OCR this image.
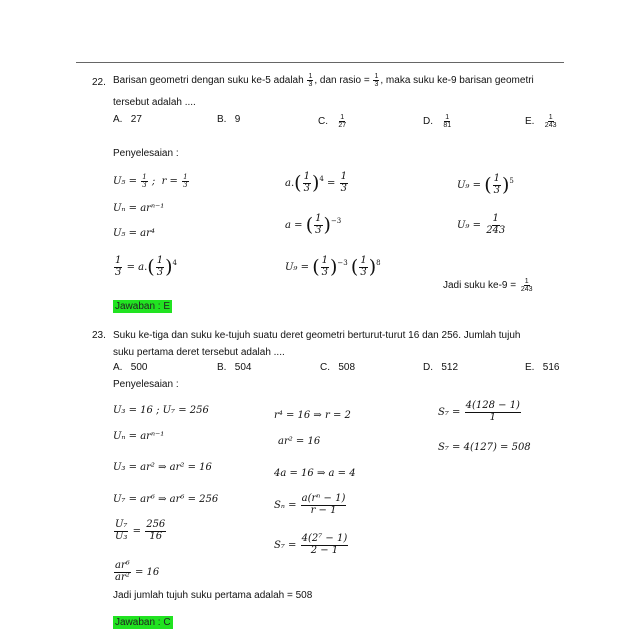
22. Barisan geometri dengan suku ke-5 adalah
$\frac{1}{3}$ , dan rasio =
$\frac{1}{3}$ , maka suku ke-9 barisan geometri
tersebut adalah ....
A. 27	B. 9	C.
$\frac{1}{27}$	D.
$\frac{1}{81}$	E.
$\frac{1}{243}$
Penyelesaian :
U₅ =
$\frac{1}{3}$
;
r =
$\frac{1}{3}$
Uₙ = arⁿ⁻¹
U₅ = ar⁴
$\frac{1}{3}$
= a. ( $\frac{1}{3}$ ) 4
a. ( $\frac{1}{3}$ ) 4
=
$\frac{1}{3}$
a =
( $\frac{1}{3}$ ) −3
U₉ =
( $\frac{1}{3}$ ) −3
( $\frac{1}{3}$ ) 8
U₉ =
( $\frac{1}{3}$ ) 5
U₉ =
$\frac{1}{243}$
Jadi suku ke-9 =
$\frac{1}{243}$
Jawaban : E
23. Suku ke-tiga dan suku ke-tujuh suatu deret geometri berturut-turut 16 dan 256. Jumlah tujuh
suku pertama deret tersebut adalah ....
A. 500	B. 504	C. 508	D. 512	E. 516
Penyelesaian :
U₃ = 16 ; U₇ = 256
Uₙ = arⁿ⁻¹
U₃ = ar² ⇒ ar² = 16
U₇ = ar⁶ ⇒ ar⁶ = 256
$\frac{\text{U₇}}{\text{U₃}}$
=
$\frac{256}{16}$
$\frac{\text{ar⁶}}{\text{ar²}}$
= 16
Jadi jumlah tujuh suku pertama adalah = 508
r⁴ = 16 ⇒ r = 2
ar² = 16
4a = 16 ⇒ a = 4
Sₙ =
$\frac{\text{a(rⁿ − 1)}}{r - 1}$
S₇ =
$\frac{\text{4(2⁷ − 1)}}{2 - 1}$
S₇ =
$\frac{4(128 - 1)}{1}$
S₇ = 4(127) = 508
Jawaban : C
